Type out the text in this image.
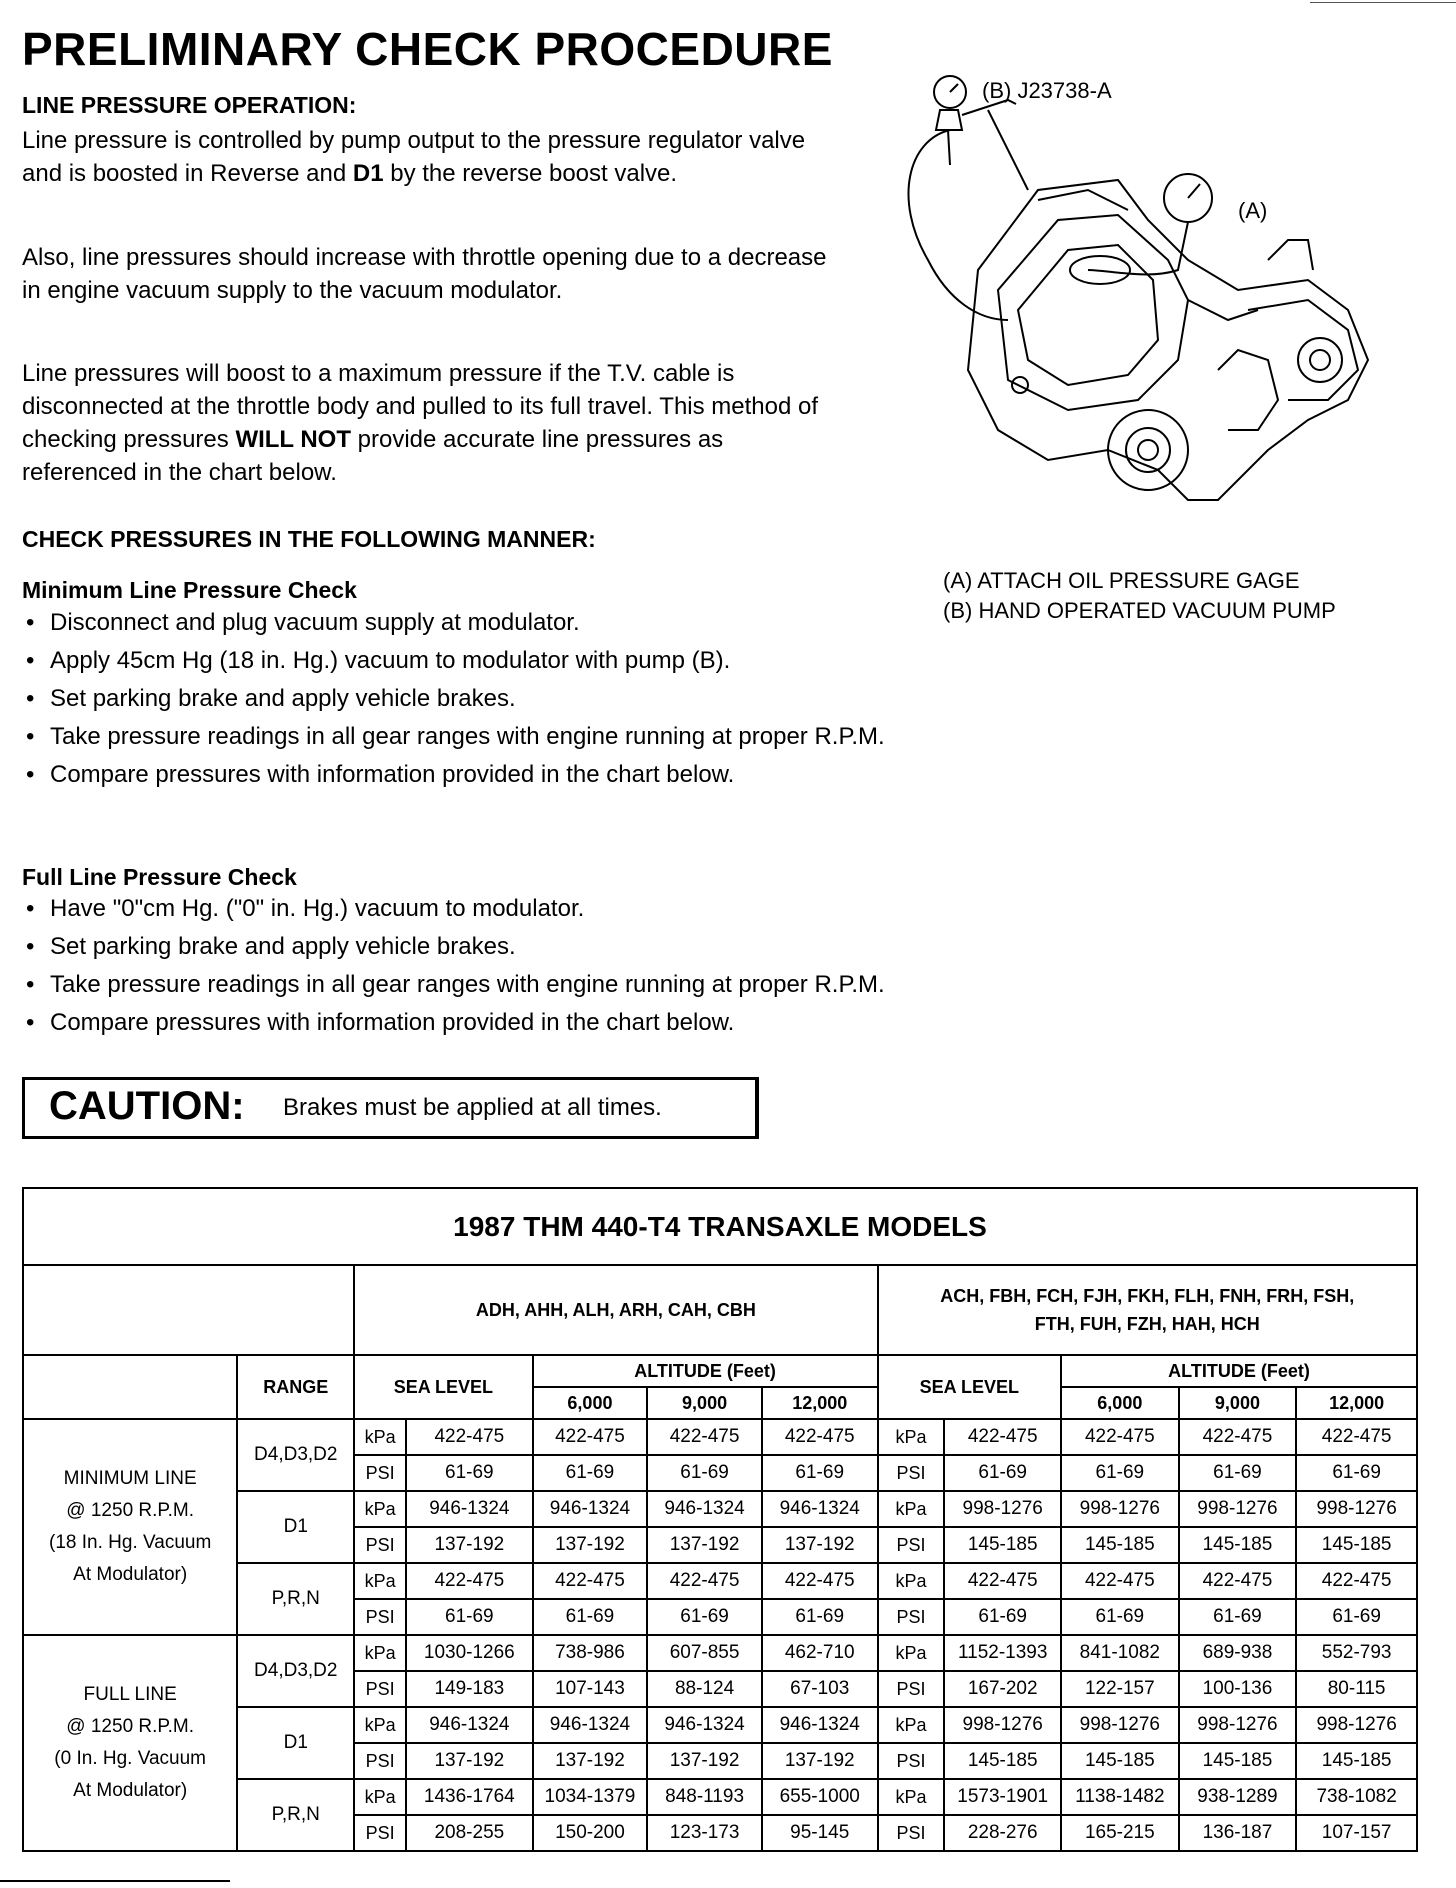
PRELIMINARY CHECK PROCEDURE
LINE PRESSURE OPERATION:
Line pressure is controlled by pump output to the pressure regulator valve and is boosted in Reverse and D1 by the reverse boost valve.
Also, line pressures should increase with throttle opening due to a decrease in engine vacuum supply to the vacuum modulator.
Line pressures will boost to a maximum pressure if the T.V. cable is disconnected at the throttle body and pulled to its full travel. This method of checking pressures WILL NOT provide accurate line pressures as referenced in the chart below.
CHECK PRESSURES IN THE FOLLOWING MANNER:
Minimum Line Pressure Check
• Disconnect and plug vacuum supply at modulator.
• Apply 45cm Hg (18 in. Hg.) vacuum to modulator with pump (B).
• Set parking brake and apply vehicle brakes.
• Take pressure readings in all gear ranges with engine running at proper R.P.M.
• Compare pressures with information provided in the chart below.
Full Line Pressure Check
• Have "0"cm Hg. ("0" in. Hg.) vacuum to modulator.
• Set parking brake and apply vehicle brakes.
• Take pressure readings in all gear ranges with engine running at proper R.P.M.
• Compare pressures with information provided in the chart below.
(B) J23738-A
(A)
(A) ATTACH OIL PRESSURE GAGE
(B) HAND OPERATED VACUUM PUMP
CAUTION: Brakes must be applied at all times.
1987 THM 440-T4 TRANSAXLE MODELS											
		ADH, AHH, ALH, ARH, CAH, CBH					ACH, FBH, FCH, FJH, FKH, FLH, FNH, FRH, FSH, FTH, FUH, FZH, HAH, HCH				
	RANGE	SEA LEVEL		ALTITUDE (Feet)			SEA LEVEL		ALTITUDE (Feet)		
				6,000	9,000	12,000			6,000	9,000	12,000

MINIMUM LINE
@ 1250 R.P.M.
(18 In. Hg. Vacuum
At Modulator)	D4,D3,D2	kPa	422-475	422-475	422-475	422-475	kPa	422-475	422-475	422-475	422-475
		PSI	61-69	61-69	61-69	61-69	PSI	61-69	61-69	61-69	61-69
	D1	kPa	946-1324	946-1324	946-1324	946-1324	kPa	998-1276	998-1276	998-1276	998-1276
		PSI	137-192	137-192	137-192	137-192	PSI	145-185	145-185	145-185	145-185
	P,R,N	kPa	422-475	422-475	422-475	422-475	kPa	422-475	422-475	422-475	422-475
		PSI	61-69	61-69	61-69	61-69	PSI	61-69	61-69	61-69	61-69

FULL LINE
@ 1250 R.P.M.
(0 In. Hg. Vacuum
At Modulator)	D4,D3,D2	kPa	1030-1266	738-986	607-855	462-710	kPa	1152-1393	841-1082	689-938	552-793
		PSI	149-183	107-143	88-124	67-103	PSI	167-202	122-157	100-136	80-115
	D1	kPa	946-1324	946-1324	946-1324	946-1324	kPa	998-1276	998-1276	998-1276	998-1276
		PSI	137-192	137-192	137-192	137-192	PSI	145-185	145-185	145-185	145-185
	P,R,N	kPa	1436-1764	1034-1379	848-1193	655-1000	kPa	1573-1901	1138-1482	938-1289	738-1082
		PSI	208-255	150-200	123-173	95-145	PSI	228-276	165-215	136-187	107-157
